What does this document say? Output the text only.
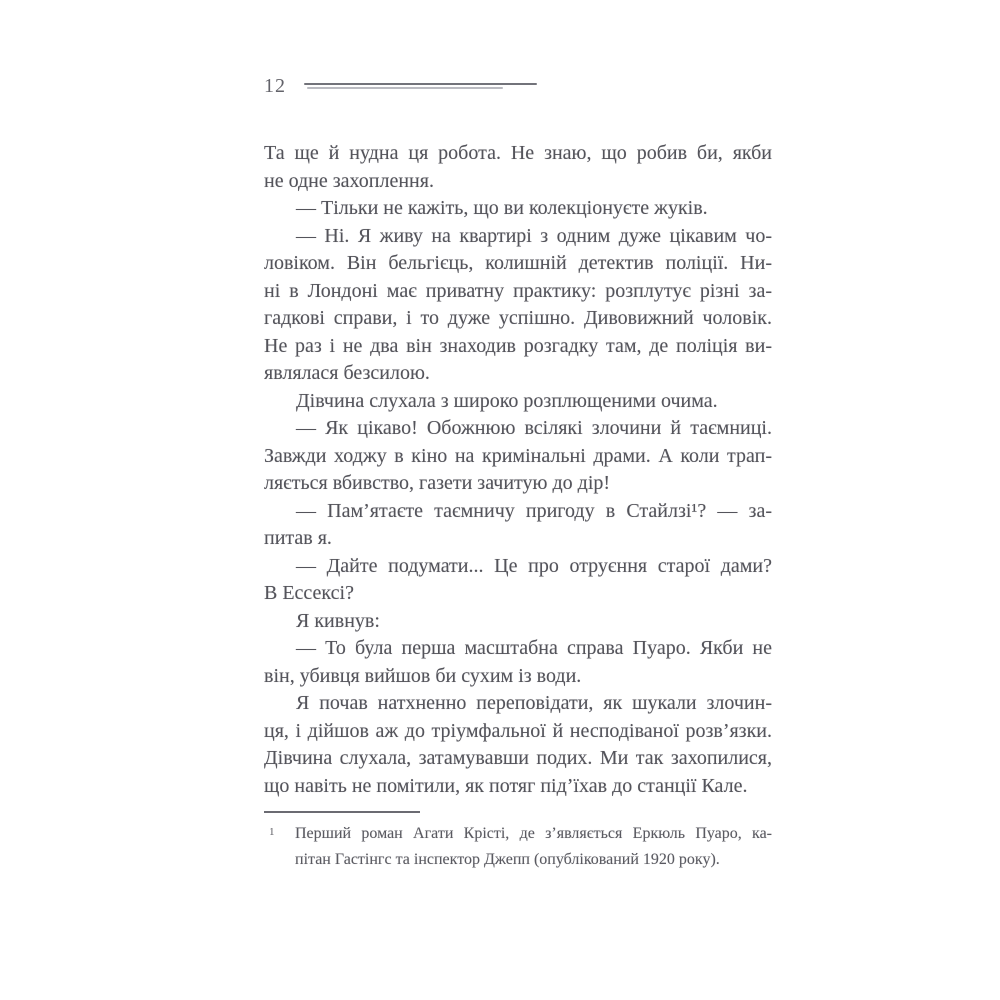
12
Та ще й нудна ця робота. Не знаю, що робив би, якби
не одне захоплення.
— Тільки не кажіть, що ви колекціонуєте жуків.
— Ні. Я живу на квартирі з одним дуже цікавим чо-
ловіком. Він бельгієць, колишній детектив поліції. Ни-
ні в Лондоні має приватну практику: розплутує різні за-
гадкові справи, і то дуже успішно. Дивовижний чоловік.
Не раз і не два він знаходив розгадку там, де поліція ви-
являлася безсилою.
Дівчина слухала з широко розплющеними очима.
— Як цікаво! Обожнюю всілякі злочини й таємниці.
Завжди ходжу в кіно на кримінальні драми. А коли трап-
ляється вбивство, газети зачитую до дір!
— Пам’ятаєте таємничу пригоду в Стайлзі¹? — за-
питав я.
— Дайте подумати... Це про отруєння старої дами?
В Ессексі?
Я кивнув:
— То була перша масштабна справа Пуаро. Якби не
він, убивця вийшов би сухим із води.
Я почав натхненно переповідати, як шукали злочин-
ця, і дійшов аж до тріумфальної й несподіваної розв’язки.
Дівчина слухала, затамувавши подих. Ми так захопилися,
що навіть не помітили, як потяг під’їхав до станції Кале.
1	Перший роман Агати Крісті, де з’являється Еркюль Пуаро, ка-
пітан Гастінгс та інспектор Джепп (опублікований 1920 року).
